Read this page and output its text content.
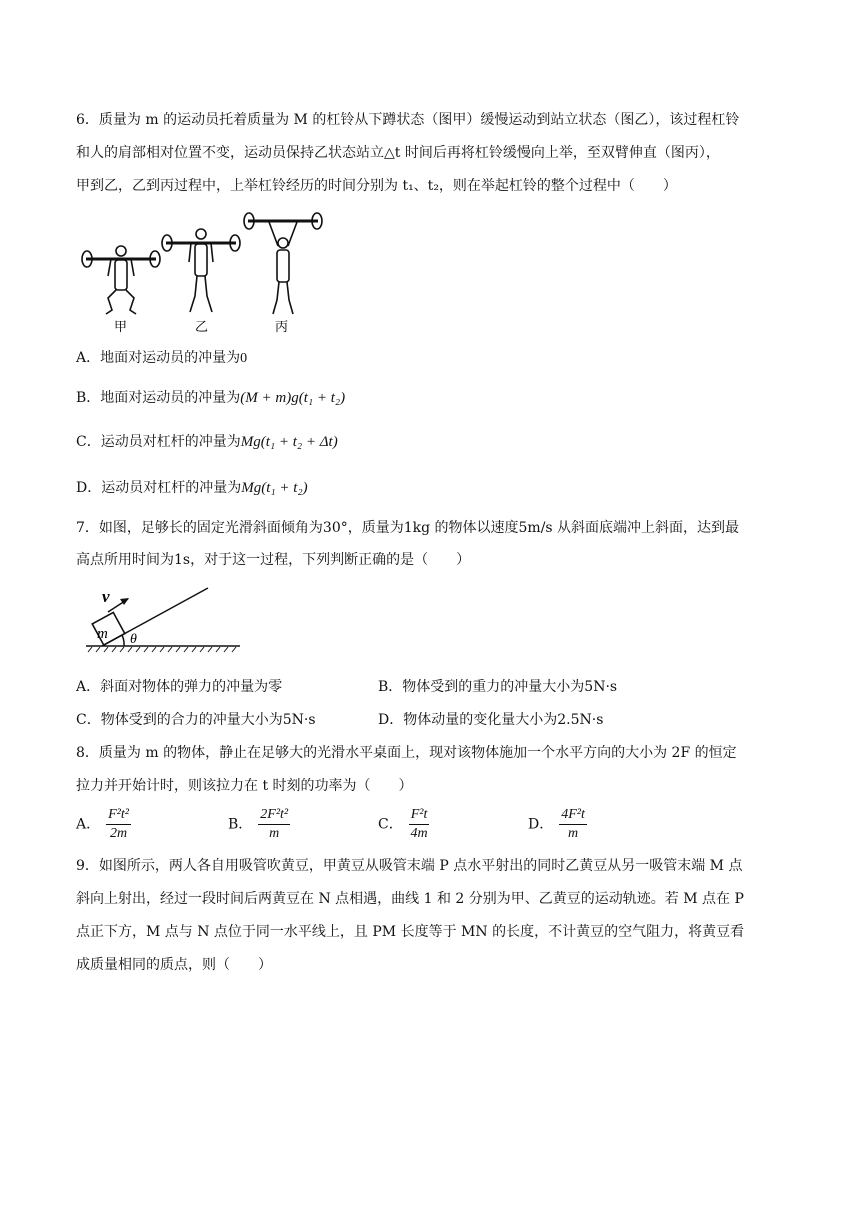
6．质量为 m 的运动员托着质量为 M 的杠铃从下蹲状态（图甲）缓慢运动到站立状态（图乙），该过程杠铃
和人的肩部相对位置不变，运动员保持乙状态站立△t 时间后再将杠铃缓慢向上举，至双臂伸直（图丙），
甲到乙，乙到丙过程中，上举杠铃经历的时间分别为 t₁、t₂，则在举起杠铃的整个过程中（　　）
甲	乙	丙
A．地面对运动员的冲量为0
B．地面对运动员的冲量为(M + m)g(t₁ + t₂)
C．运动员对杠杆的冲量为Mg(t₁ + t₂ + Δt)
D．运动员对杠杆的冲量为Mg(t₁ + t₂)
7．如图，足够长的固定光滑斜面倾角为30°，质量为1kg 的物体以速度5m/s 从斜面底端冲上斜面，达到最
高点所用时间为1s，对于这一过程，下列判断正确的是（　　）
v
m θ
A．斜面对物体的弹力的冲量为零	B．物体受到的重力的冲量大小为5N·s
C．物体受到的合力的冲量大小为5N·s	D．物体动量的变化量大小为2.5N·s
8．质量为 m 的物体，静止在足够大的光滑水平桌面上，现对该物体施加一个水平方向的大小为 2F 的恒定
拉力并开始计时，则该拉力在 t 时刻的功率为（　　）
A． $\frac{\text{F²t²}}{2m}$	B． $\frac{\text{2F²t²}}{m}$	C． $\frac{\text{F²t}}{4m}$	D． $\frac{\text{4F²t}}{m}$
9．如图所示，两人各自用吸管吹黄豆，甲黄豆从吸管末端 P 点水平射出的同时乙黄豆从另一吸管末端 M 点
斜向上射出，经过一段时间后两黄豆在 N 点相遇，曲线 1 和 2 分别为甲、乙黄豆的运动轨迹。若 M 点在 P
点正下方，M 点与 N 点位于同一水平线上，且 PM 长度等于 MN 的长度，不计黄豆的空气阻力，将黄豆看
成质量相同的质点，则（　　）
